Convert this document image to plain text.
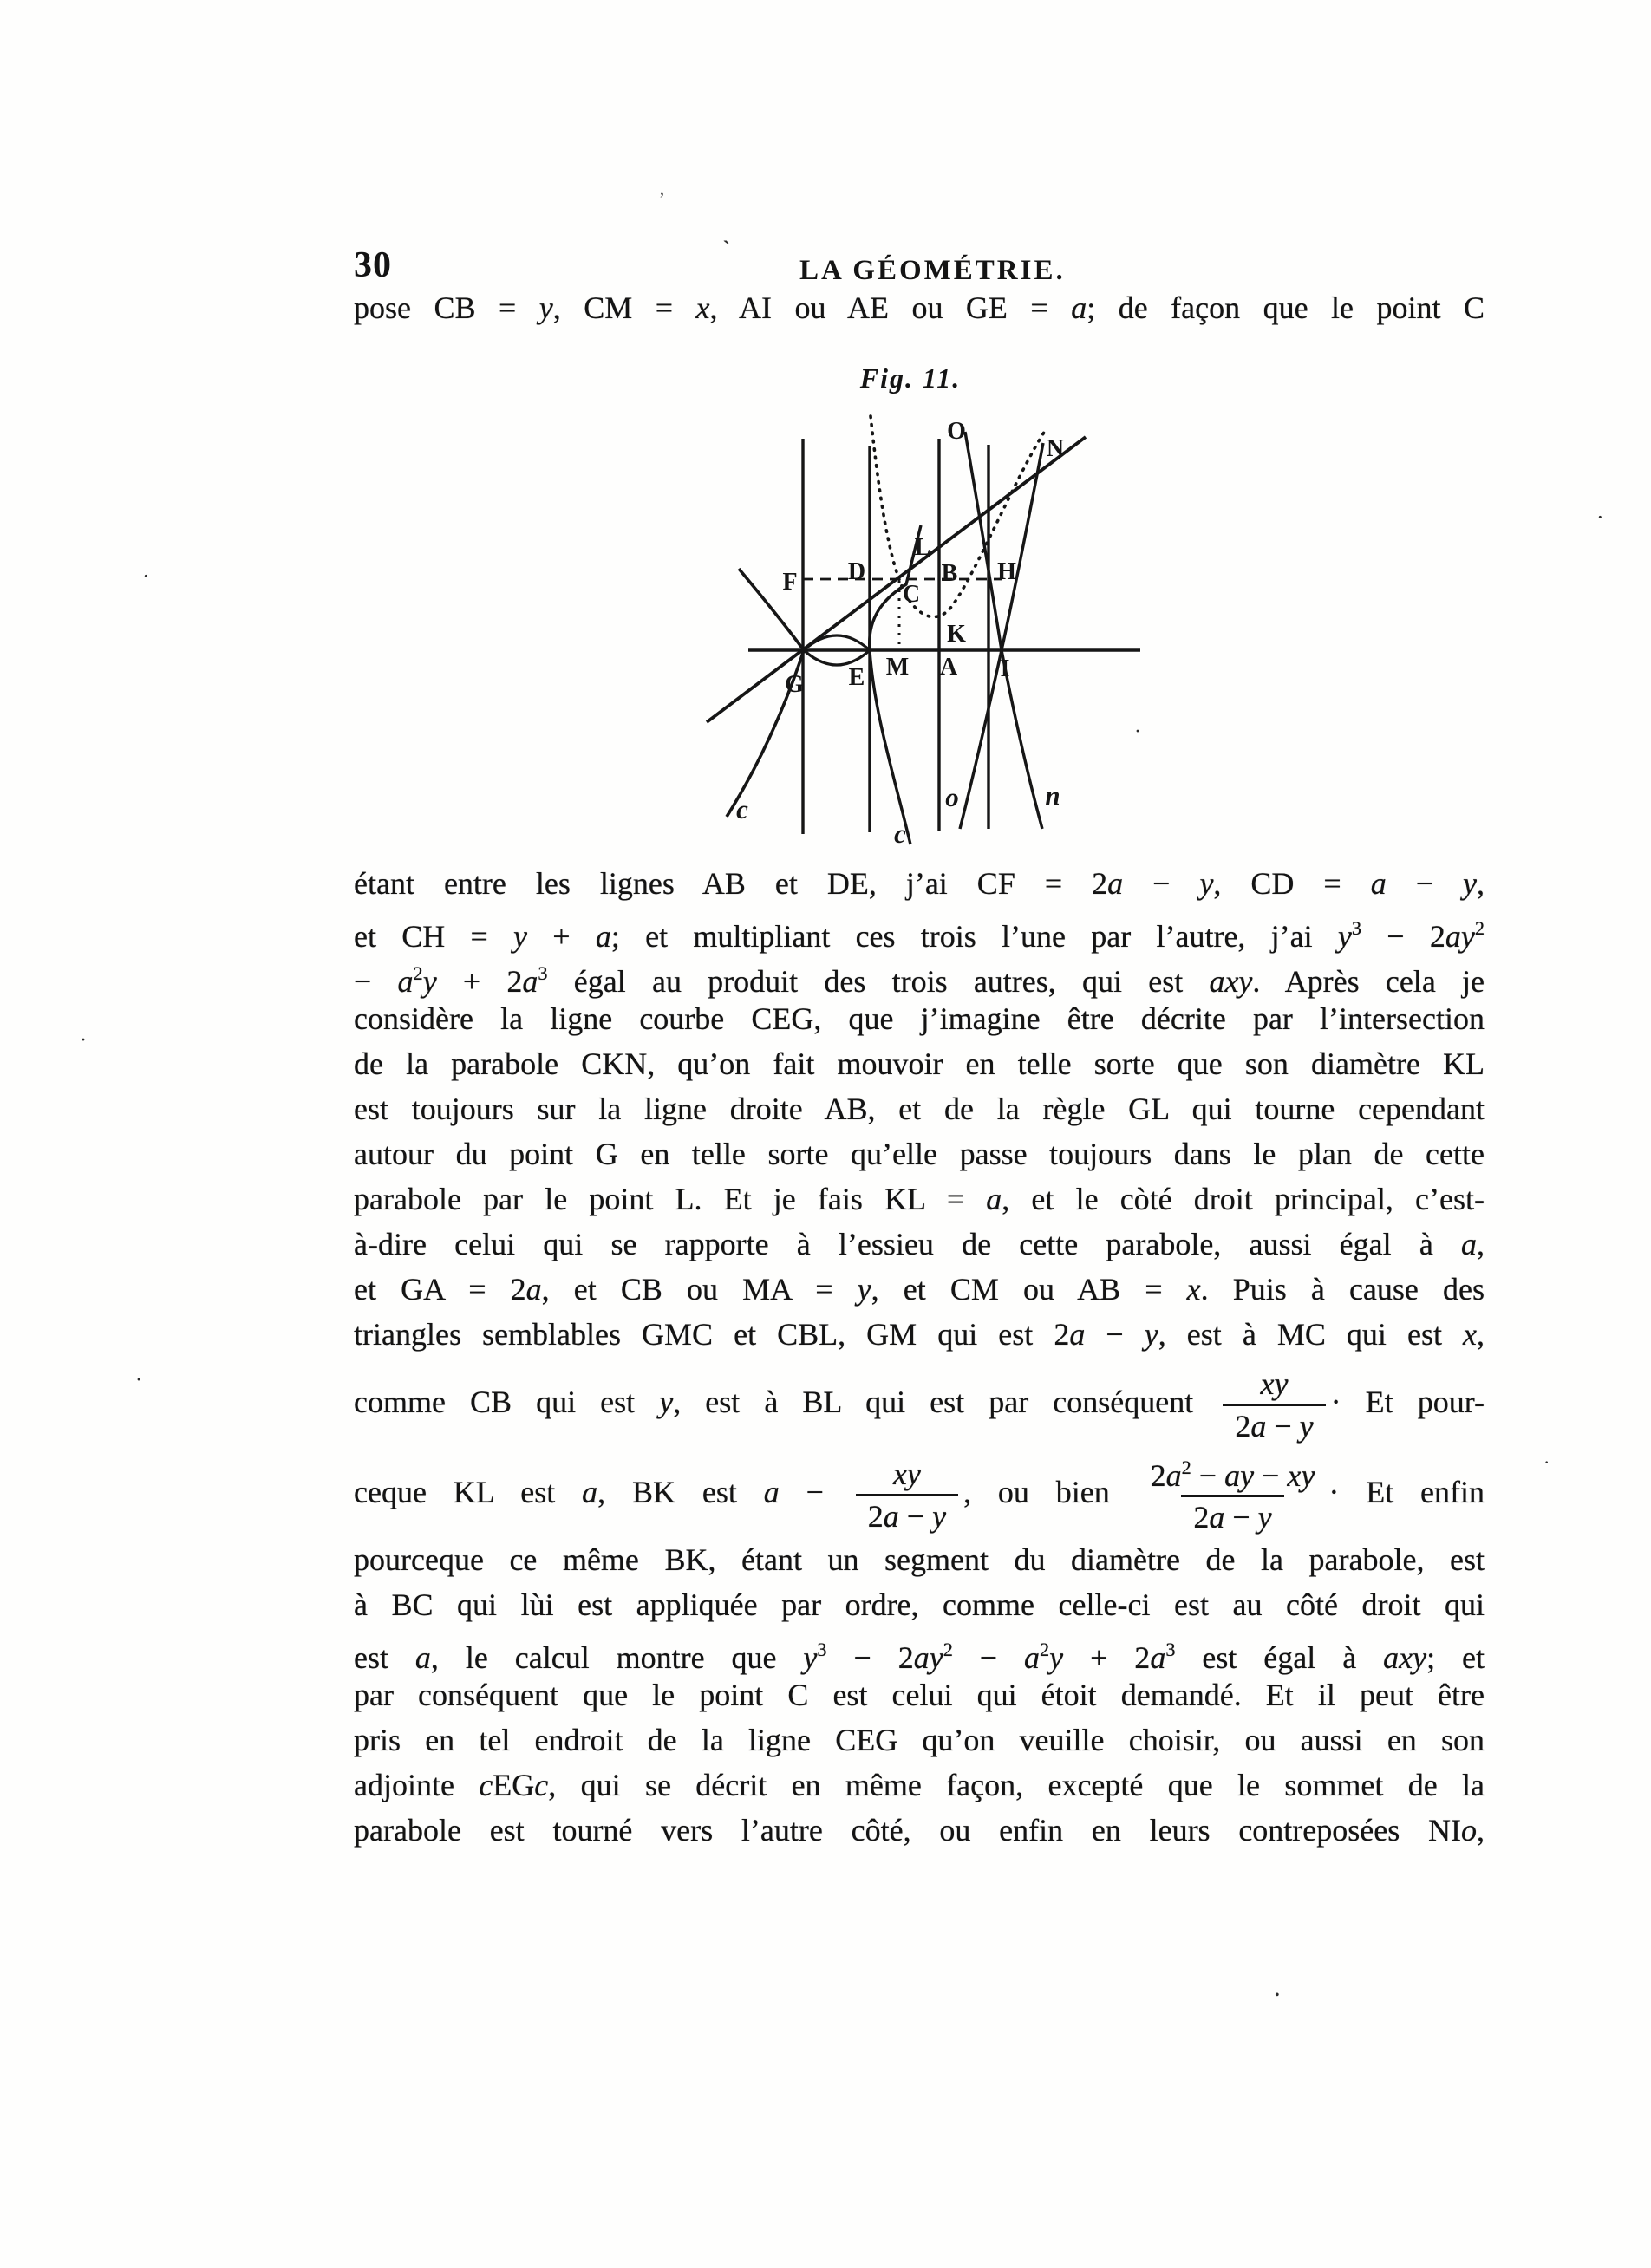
30	LA GÉOMÉTRIE.
pose CB = y, CM = x, AI ou AE ou GE = a; de façon que le point C
Fig. 11.
O
N
F D
L
B H
C
K
G E M A I
c
c
o	n
étant entre les lignes AB et DE, j’ai CF = 2a − y, CD = a − y,
et CH = y + a; et multipliant ces trois l’une par l’autre, j’ai $y^3 - 2ay^2$
− $a^2y + 2a^3$ égal au produit des trois autres, qui est axy. Après cela je
considère la ligne courbe CEG, que j’imagine être décrite par l’intersection
de la parabole CKN, qu’on fait mouvoir en telle sorte que son diamètre KL
est toujours sur la ligne droite AB, et de la règle GL qui tourne cependant
autour du point G en telle sorte qu’elle passe toujours dans le plan de cette
parabole par le point L. Et je fais KL = a, et le còté droit principal, c’est-
à-dire celui qui se rapporte à l’essieu de cette parabole, aussi égal à a,
et GA = 2a, et CB ou MA = y, et CM ou AB = x. Puis à cause des
triangles semblables GMC et CBL, GM qui est 2a − y, est à MC qui est x,
comme CB qui est y, est à BL qui est par conséquent $\frac{xy}{2a - y} \cdot Et$ pour-
ceque KL est a, BK est $a - \frac{xy}{2a - y}$ , ou bien $\frac{2a^2 - ay - xy}{2a - y} \cdot Et$ enfin
pourceque ce même BK, étant un segment du diamètre de la parabole, est
à BC qui lùi est appliquée par ordre, comme celle-ci est au côté droit qui
est a, le calcul montre que $y^3 - 2ay^2 - a^2y + 2a^3$ est égal à axy; et
par conséquent que le point C est celui qui étoit demandé. Et il peut être
pris en tel endroit de la ligne CEG qu’on veuille choisir, ou aussi en son
adjointe cEGc, qui se décrit en même façon, excepté que le sommet de la
parabole est tourné vers l’autre côté, ou enfin en leurs contreposées NIo,
ˋ
ʼ
·
·
·
·
·
·
•
